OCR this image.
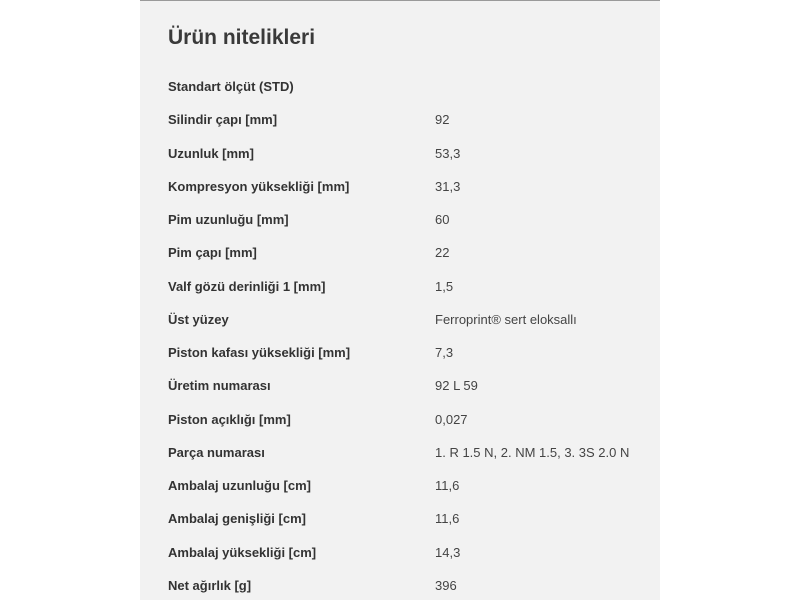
Ürün nitelikleri
Standart ölçüt (STD)
Silindir çapı [mm]	92
Uzunluk [mm]	53,3
Kompresyon yüksekliği [mm]	31,3
Pim uzunluğu [mm]	60
Pim çapı [mm]	22
Valf gözü derinliği 1 [mm]	1,5
Üst yüzey	Ferroprint® sert eloksallı
Piston kafası yüksekliği [mm]	7,3
Üretim numarası	92 L 59
Piston açıklığı [mm]	0,027
Parça numarası	1. R 1.5 N, 2. NM 1.5, 3. 3S 2.0 N
Ambalaj uzunluğu [cm]	11,6
Ambalaj genişliği [cm]	11,6
Ambalaj yüksekliği [cm]	14,3
Net ağırlık [g]	396
